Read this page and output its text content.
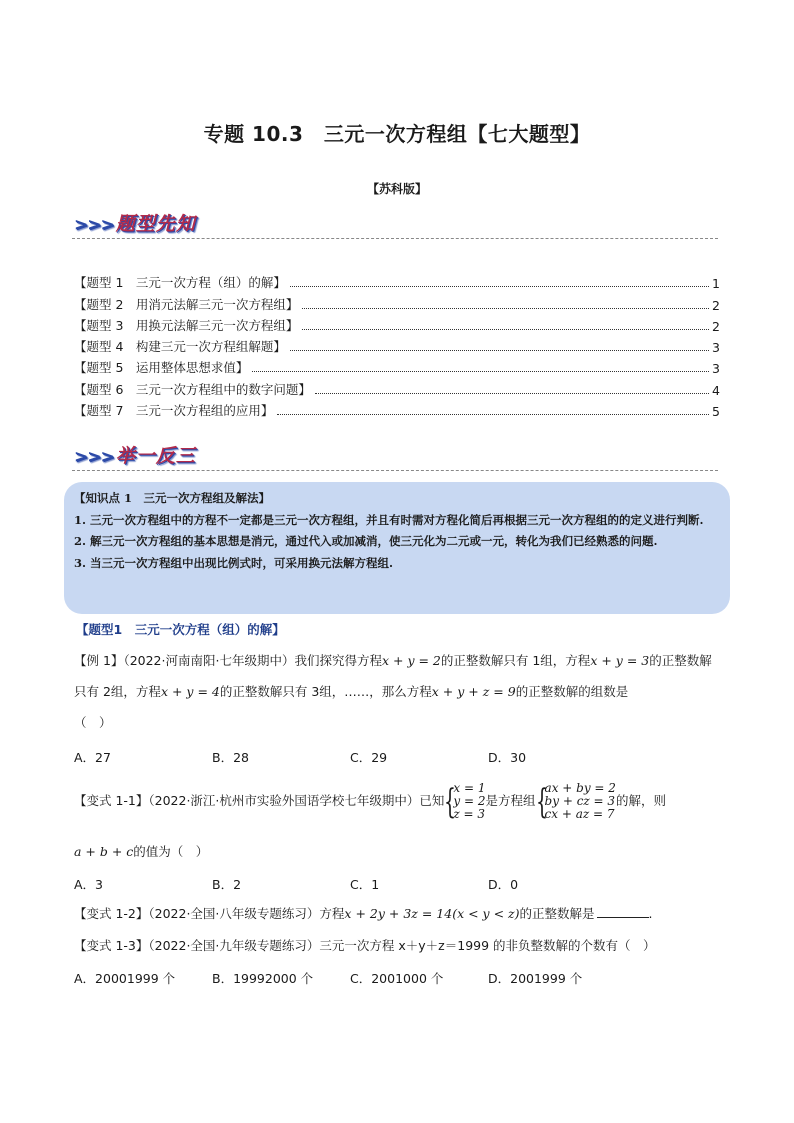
专题 10.3　三元一次方程组【七大题型】
【苏科版】
>>> 题型先知
【题型 1　三元一次方程（组）的解】	1
【题型 2　用消元法解三元一次方程组】	2
【题型 3　用换元法解三元一次方程组】	2
【题型 4　构建三元一次方程组解题】	3
【题型 5　运用整体思想求值】	3
【题型 6　三元一次方程组中的数字问题】	4
【题型 7　三元一次方程组的应用】	5
>>> 举一反三
【知识点 1　三元一次方程组及解法】
1. 三元一次方程组中的方程不一定都是三元一次方程组，并且有时需对方程化简后再根据三元一次方程组的的定义进行判断.
2. 解三元一次方程组的基本思想是消元，通过代入或加减消，使三元化为二元或一元，转化为我们已经熟悉的问题.
3. 当三元一次方程组中出现比例式时，可采用换元法解方程组.
【题型1　三元一次方程（组）的解】
【例 1】（2022·河南南阳·七年级期中）我们探究得方程x + y = 2的正整数解只有 1组，方程x + y = 3的正整数解只有 2组，方程x + y = 4的正整数解只有 3组，……，那么方程x + y + z = 9的正整数解的组数是
（　）
A．27	B．28	C．29	D．30
【变式 1-1】（2022·浙江·杭州市实验外国语学校七年级期中）已知 {
x = 1
y = 2
z = 3是方程组 {
ax + by = 2
by + cz = 3
cx + az = 7的解，则
a + b + c的值为（　）
A．3	B．2	C．1	D．0
【变式 1-2】（2022·全国·八年级专题练习）方程x + 2y + 3z = 14(x < y < z)的正整数解是	.
【变式 1-3】（2022·全国·九年级专题练习）三元一次方程 x＋y＋z＝1999 的非负整数解的个数有（　）
A．20001999 个	B．19992000 个	C．2001000 个	D．2001999 个
